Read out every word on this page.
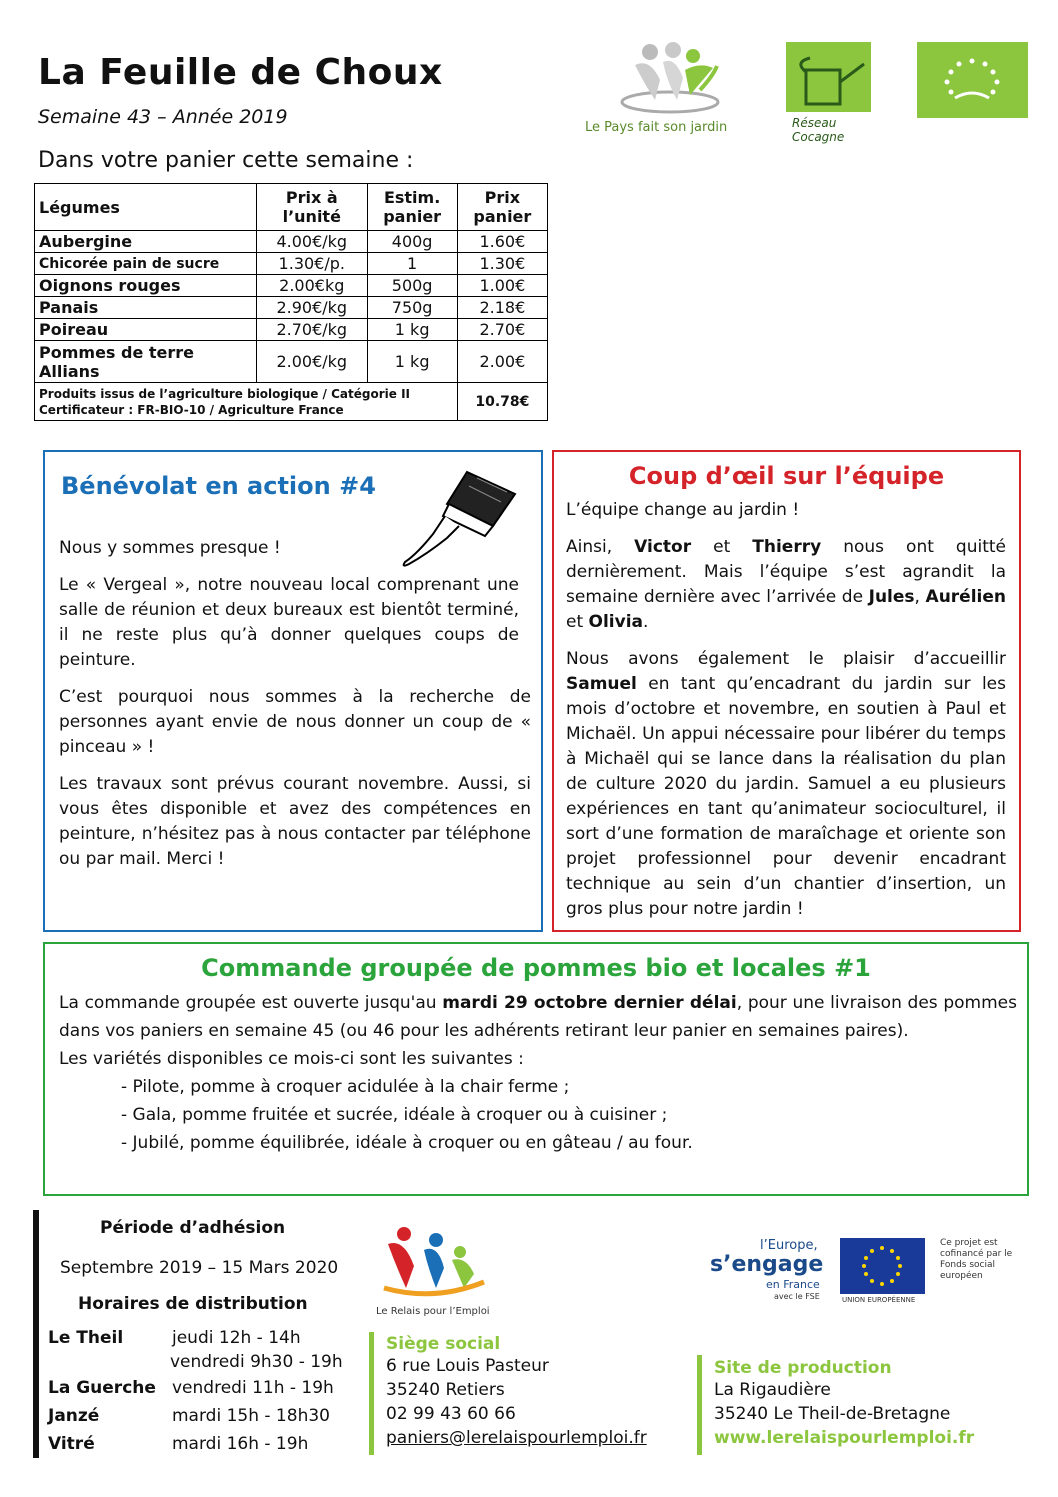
La Feuille de Choux
Semaine 43 – Année 2019
Dans votre panier cette semaine :
Le Pays fait son jardin	Réseau Cocagne
Légumes	Prix à l’unité	Estim. panier	Prix panier
Aubergine	4.00€/kg	400g	1.60€
Chicorée pain de sucre	1.30€/p.	1	1.30€
Oignons rouges	2.00€kg	500g	1.00€
Panais	2.90€/kg	750g	2.18€
Poireau	2.70€/kg	1 kg	2.70€
Pommes de terre Allians	2.00€/kg	1 kg	2.00€

Produits issus de l’agriculture biologique / Catégorie II
Certificateur : FR-BIO-10 / Agriculture France			10.78€
Bénévolat en action #4

Nous y sommes presque !

Le « Vergeal », notre nouveau local comprenant une salle de réunion et deux bureaux est bientôt terminé, il ne reste plus qu’à donner quelques coups de peinture.

C’est pourquoi nous sommes à la recherche de personnes ayant envie de nous donner un coup de « pinceau » !

Les travaux sont prévus courant novembre. Aussi, si vous êtes disponible et avez des compétences en peinture, n’hésitez pas à nous contacter par téléphone ou par mail. Merci !

Coup d’œil sur l’équipe

L’équipe change au jardin !

Ainsi, Victor et Thierry nous ont quitté dernièrement. Mais l’équipe s’est agrandit la semaine dernière avec l’arrivée de Jules, Aurélien et Olivia.

Nous avons également le plaisir d’accueillir Samuel en tant qu’encadrant du jardin sur les mois d’octobre et novembre, en soutien à Paul et Michaël. Un appui nécessaire pour libérer du temps à Michaël qui se lance dans la réalisation du plan de culture 2020 du jardin. Samuel a eu plusieurs expériences en tant qu’animateur socioculturel, il sort d’une formation de maraîchage et oriente son projet professionnel pour devenir encadrant technique au sein d’un chantier d’insertion, un gros plus pour notre jardin !

Commande groupée de pommes bio et locales #1

La commande groupée est ouverte jusqu'au mardi 29 octobre dernier délai, pour une livraison des pommes dans vos paniers en semaine 45 (ou 46 pour les adhérents retirant leur panier en semaines paires).

Les variétés disponibles ce mois-ci sont les suivantes :

- Pilote, pomme à croquer acidulée à la chair ferme ;

- Gala, pomme fruitée et sucrée, idéale à croquer ou à cuisiner ;

- Jubilé, pomme équilibrée, idéale à croquer ou en gâteau / au four.

Période d’adhésion
Septembre 2019 – 15 Mars 2020
Horaires de distribution
Le Theil	jeudi 12h - 14h
vendredi 9h30 - 19h
La Guerche vendredi 11h - 19h
Janzé	mardi 15h - 18h30
Vitré	mardi 16h - 19h
Le Relais pour l’Emploi
Siège social
6 rue Louis Pasteur
35240 Retiers
02 99 43 60 66
paniers@lerelaispourlemploi.fr
Site de production
La Rigaudière
35240 Le Theil-de-Bretagne
www.lerelaispourlemploi.fr
l’Europe,
s’engage
en France
avec le FSE	UNION EUROPÉENNE
Ce projet est cofinancé par le Fonds social européen
